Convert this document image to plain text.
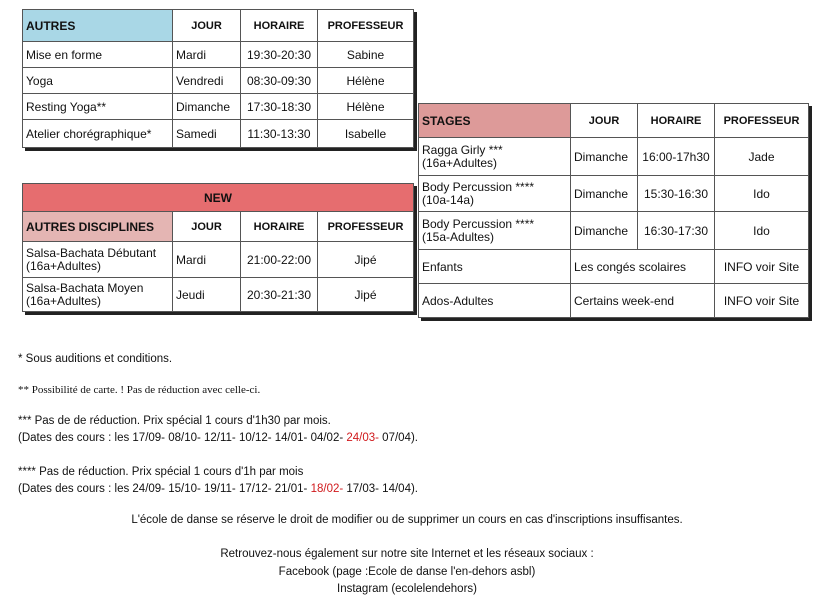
AUTRES	JOUR	HORAIRE	PROFESSEUR
Mise en forme	Mardi	19:30-20:30	Sabine
Yoga	Vendredi	08:30-09:30	Hélène
Resting Yoga**	Dimanche	17:30-18:30	Hélène
Atelier chorégraphique*	Samedi	11:30-13:30	Isabelle
NEW			
AUTRES DISCIPLINES	JOUR	HORAIRE	PROFESSEUR

Salsa-Bachata Débutant
(16a+Adultes)	Mardi	21:00-22:00	Jipé

Salsa-Bachata Moyen
(16a+Adultes)	Jeudi	20:30-21:30	Jipé
STAGES	JOUR	HORAIRE	PROFESSEUR

Ragga Girly ***
(16a+Adultes)	Dimanche	16:00-17h30	Jade

Body Percussion ****
(10a-14a)	Dimanche	15:30-16:30	Ido

Body Percussion ****
(15a-Adultes)	Dimanche	16:30-17:30	Ido
Enfants	Les congés scolaires		INFO voir Site
Ados-Adultes	Certains week-end		INFO voir Site
* Sous auditions et conditions.
** Possibilité de carte. ! Pas de réduction avec celle-ci.
*** Pas de de réduction. Prix spécial 1 cours d'1h30 par mois.
(Dates des cours : les 17/09- 08/10- 12/11- 10/12- 14/01- 04/02- 24/03- 07/04).
**** Pas de réduction. Prix spécial 1 cours d'1h par mois
(Dates des cours : les 24/09- 15/10- 19/11- 17/12- 21/01- 18/02- 17/03- 14/04).
L'école de danse se réserve le droit de modifier ou de supprimer un cours en cas d'inscriptions insuffisantes.
Retrouvez-nous également sur notre site Internet et les réseaux sociaux :
Facebook (page :Ecole de danse l'en-dehors asbl)
Instagram (ecolelendehors)
